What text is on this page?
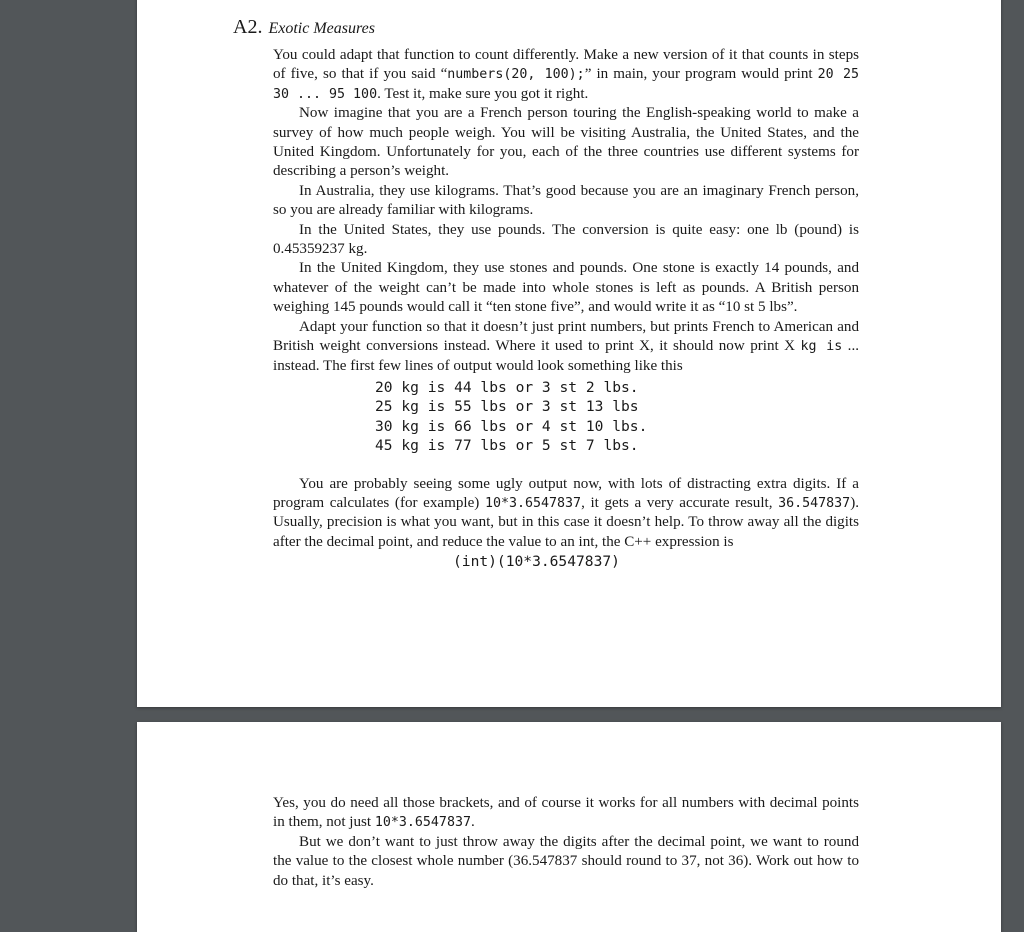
A2. Exotic Measures

You could adapt that function to count differently. Make a new version of it that counts in steps of five, so that if you said “numbers(20, 100);” in main, your program would print 20 25 30 ... 95 100. Test it, make sure you got it right.

Now imagine that you are a French person touring the English-speaking world to make a survey of how much people weigh. You will be visiting Australia, the United States, and the United Kingdom. Unfortunately for you, each of the three countries use different systems for describing a person’s weight.

In Australia, they use kilograms. That’s good because you are an imaginary French person, so you are already familiar with kilograms.

In the United States, they use pounds. The conversion is quite easy: one lb (pound) is 0.45359237 kg.

In the United Kingdom, they use stones and pounds. One stone is exactly 14 pounds, and whatever of the weight can’t be made into whole stones is left as pounds. A British person weighing 145 pounds would call it “ten stone five”, and would write it as “10 st 5 lbs”.

Adapt your function so that it doesn’t just print numbers, but prints French to American and British weight conversions instead. Where it used to print X, it should now print X kg is ... instead. The first few lines of output would look something like this

20 kg is 44 lbs or 3 st 2 lbs.
25 kg is 55 lbs or 3 st 13 lbs
30 kg is 66 lbs or 4 st 10 lbs.
45 kg is 77 lbs or 5 st 7 lbs.

You are probably seeing some ugly output now, with lots of distracting extra digits. If a program calculates (for example) 10*3.6547837, it gets a very accurate result, 36.547837). Usually, precision is what you want, but in this case it doesn’t help. To throw away all the digits after the decimal point, and reduce the value to an int, the C++ expression is

(int)(10*3.6547837)

Yes, you do need all those brackets, and of course it works for all numbers with decimal points in them, not just 10*3.6547837.

But we don’t want to just throw away the digits after the decimal point, we want to round the value to the closest whole number (36.547837 should round to 37, not 36). Work out how to do that, it’s easy.
